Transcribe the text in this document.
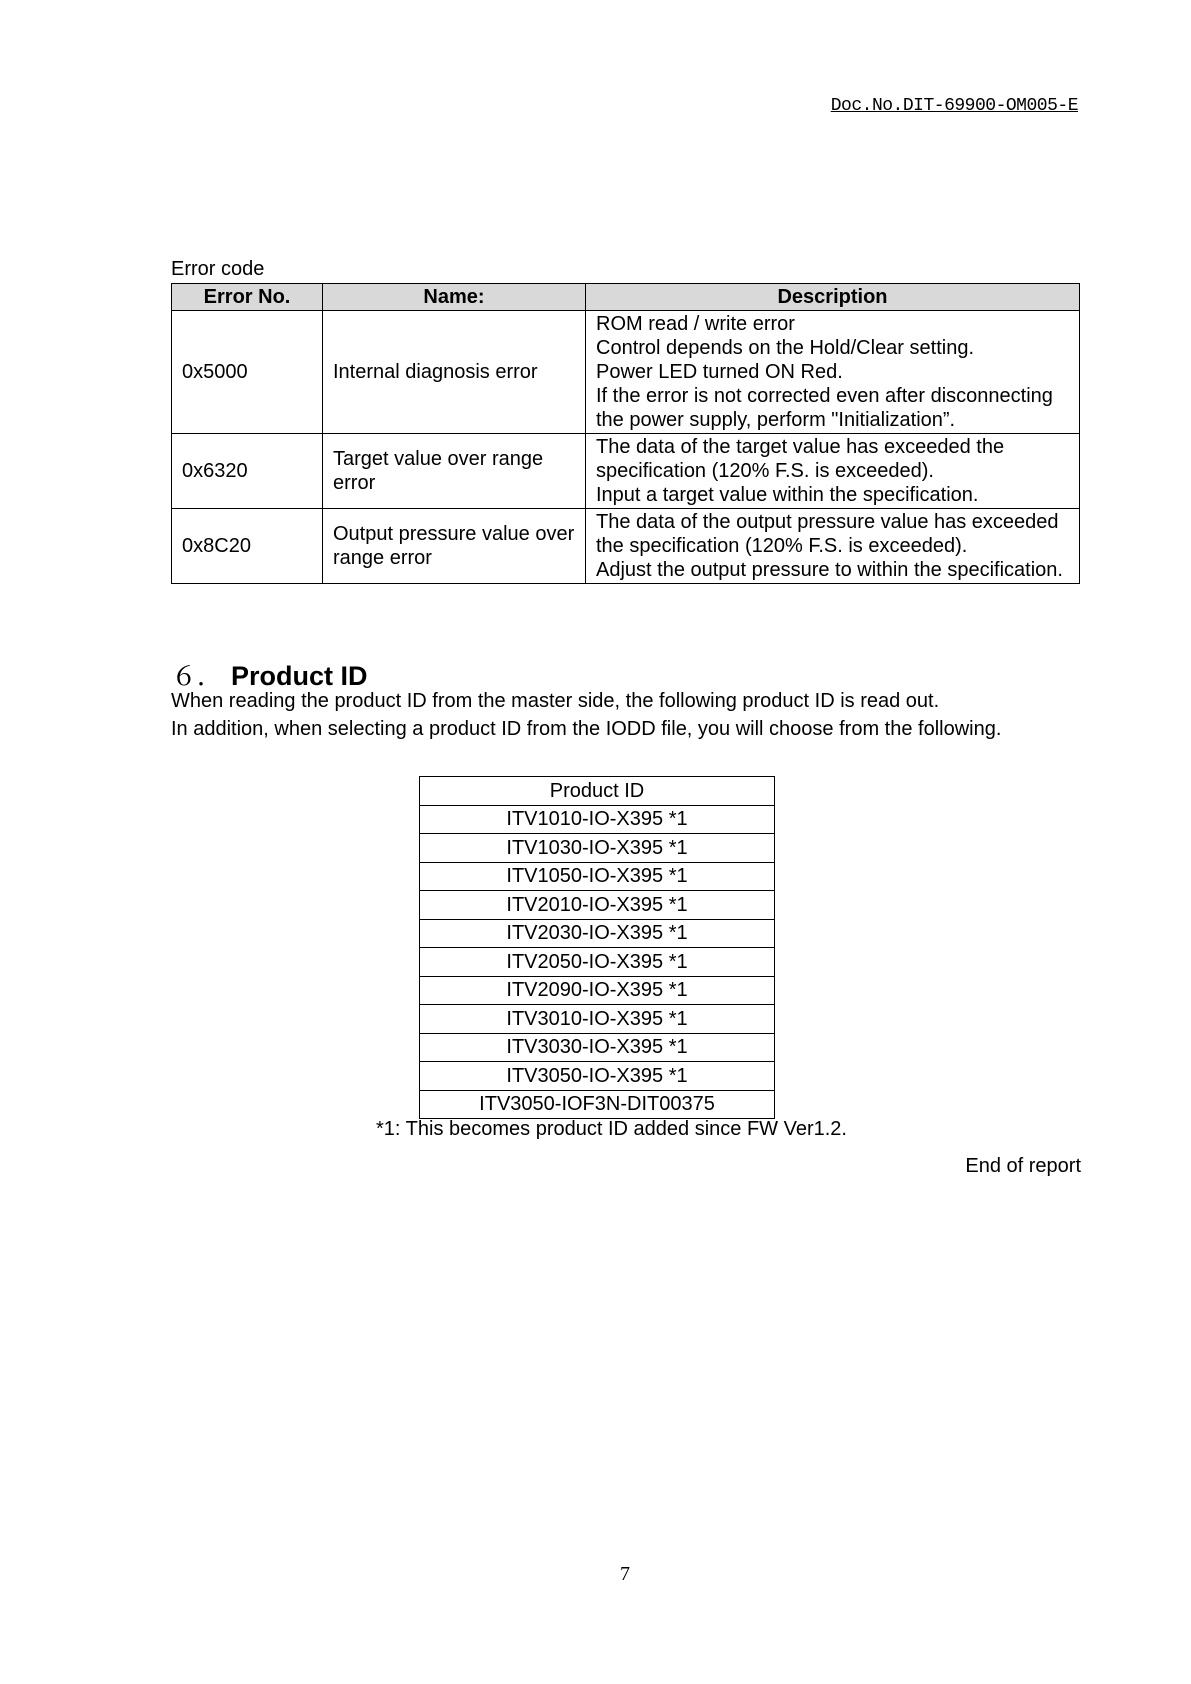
Doc.No.DIT-69900-OM005-E
Error code
Error No.	Name:	Description
0x5000	Internal diagnosis error	ROM read / write error
Control depends on the Hold/Clear setting.
Power LED turned ON Red.
If the error is not corrected even after disconnecting
the power supply, perform "Initialization”.

0x6320	Target value over range error	The data of the target value has exceeded the
specification (120% F.S. is exceeded).
Input a target value within the specification.

0x8C20	Output pressure value over range error	The data of the output pressure value has exceeded
the specification (120% F.S. is exceeded).
Adjust the output pressure to within the specification.
６． Product ID
When reading the product ID from the master side, the following product ID is read out.
In addition, when selecting a product ID from the IODD file, you will choose from the following.
Product ID
ITV1010-IO-X395 *1
ITV1030-IO-X395 *1
ITV1050-IO-X395 *1
ITV2010-IO-X395 *1
ITV2030-IO-X395 *1
ITV2050-IO-X395 *1
ITV2090-IO-X395 *1
ITV3010-IO-X395 *1
ITV3030-IO-X395 *1
ITV3050-IO-X395 *1
ITV3050-IOF3N-DIT00375
*1: This becomes product ID added since FW Ver1.2.
End of report
7
